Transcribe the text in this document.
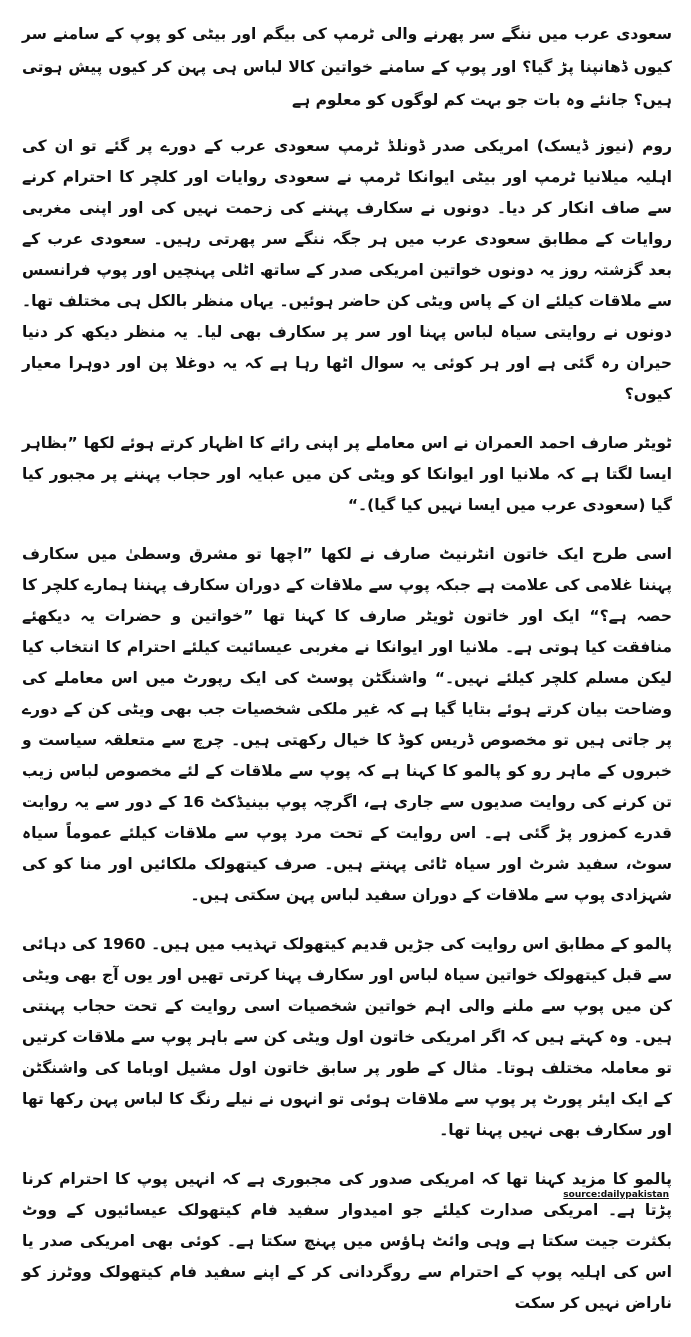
سعودی عرب میں ننگے سر پھرنے والی ٹرمپ کی بیگم اور بیٹی کو پوپ کے سامنے سر کیوں ڈھانپنا پڑ گیا؟ اور پوپ کے سامنے خواتین کالا لباس ہی پہن کر کیوں پیش ہوتی ہیں؟ جانئے وہ بات جو بہت کم لوگوں کو معلوم ہے
روم (نیوز ڈیسک) امریکی صدر ڈونلڈ ٹرمپ سعودی عرب کے دورے پر گئے تو ان کی اہلیہ میلانیا ٹرمپ اور بیٹی ایوانکا ٹرمپ نے سعودی روایات اور کلچر کا احترام کرنے سے صاف انکار کر دیا۔ دونوں نے سکارف پہننے کی زحمت نہیں کی اور اپنی مغربی روایات کے مطابق سعودی عرب میں ہر جگہ ننگے سر پھرتی رہیں۔ سعودی عرب کے بعد گزشتہ روز یہ دونوں خواتین امریکی صدر کے ساتھ اٹلی پہنچیں اور پوپ فرانسس سے ملاقات کیلئے ان کے پاس ویٹی کن حاضر ہوئیں۔ یہاں منظر بالکل ہی مختلف تھا۔ دونوں نے روایتی سیاہ لباس پہنا اور سر پر سکارف بھی لیا۔ یہ منظر دیکھ کر دنیا حیران رہ گئی ہے اور ہر کوئی یہ سوال اٹھا رہا ہے کہ یہ دوغلا پن اور دوہرا معیار کیوں؟
ٹویٹر صارف احمد العمران نے اس معاملے پر اپنی رائے کا اظہار کرتے ہوئے لکھا ”بظاہر ایسا لگتا ہے کہ ملانیا اور ایوانکا کو ویٹی کن میں عبایہ اور حجاب پہننے پر مجبور کیا گیا (سعودی عرب میں ایسا نہیں کیا گیا)۔“
اسی طرح ایک خاتون انٹرنیٹ صارف نے لکھا ”اچھا تو مشرق وسطیٰ میں سکارف پہننا غلامی کی علامت ہے جبکہ پوپ سے ملاقات کے دوران سکارف پہننا ہمارے کلچر کا حصہ ہے؟“ ایک اور خاتون ٹویٹر صارف کا کہنا تھا ”خواتین و حضرات یہ دیکھئے منافقت کیا ہوتی ہے۔ ملانیا اور ایوانکا نے مغربی عیسائیت کیلئے احترام کا انتخاب کیا لیکن مسلم کلچر کیلئے نہیں۔“ واشنگٹن پوسٹ کی ایک رپورٹ میں اس معاملے کی وضاحت بیان کرتے ہوئے بتایا گیا ہے کہ غیر ملکی شخصیات جب بھی ویٹی کن کے دورے پر جاتی ہیں تو مخصوص ڈریس کوڈ کا خیال رکھتی ہیں۔ چرچ سے متعلقہ سیاست و خبروں کے ماہر رو کو پالمو کا کہنا ہے کہ پوپ سے ملاقات کے لئے مخصوص لباس زیب تن کرنے کی روایت صدیوں سے جاری ہے، اگرچہ پوپ بینیڈکٹ 16 کے دور سے یہ روایت قدرے کمزور پڑ گئی ہے۔ اس روایت کے تحت مرد پوپ سے ملاقات کیلئے عموماً سیاہ سوٹ، سفید شرٹ اور سیاہ ٹائی پہنتے ہیں۔ صرف کیتھولک ملکائیں اور منا کو کی شہزادی پوپ سے ملاقات کے دوران سفید لباس پہن سکتی ہیں۔
پالمو کے مطابق اس روایت کی جڑیں قدیم کیتھولک تہذیب میں ہیں۔ 1960 کی دہائی سے قبل کیتھولک خواتین سیاہ لباس اور سکارف پہنا کرتی تھیں اور یوں آج بھی ویٹی کن میں پوپ سے ملنے والی اہم خواتین شخصیات اسی روایت کے تحت حجاب پہنتی ہیں۔ وہ کہتے ہیں کہ اگر امریکی خاتون اول ویٹی کن سے باہر پوپ سے ملاقات کرتیں تو معاملہ مختلف ہوتا۔ مثال کے طور پر سابق خاتون اول مشیل اوباما کی واشنگٹن کے ایک ایئر پورٹ پر پوپ سے ملاقات ہوئی تو انہوں نے نیلے رنگ کا لباس پہن رکھا تھا اور سکارف بھی نہیں پہنا تھا۔
پالمو کا مزید کہنا تھا کہ امریکی صدور کی مجبوری ہے کہ انہیں پوپ کا احترام کرنا پڑتا ہے۔ امریکی صدارت کیلئے جو امیدوار سفید فام کیتھولک عیسائیوں کے ووٹ بکثرت جیت سکتا ہے وہی وائٹ ہاؤس میں پہنچ سکتا ہے۔ کوئی بھی امریکی صدر یا اس کی اہلیہ پوپ کے احترام سے روگردانی کر کے اپنے سفید فام کیتھولک ووٹرز کو ناراض نہیں کر سکت
source:dailypakistan
